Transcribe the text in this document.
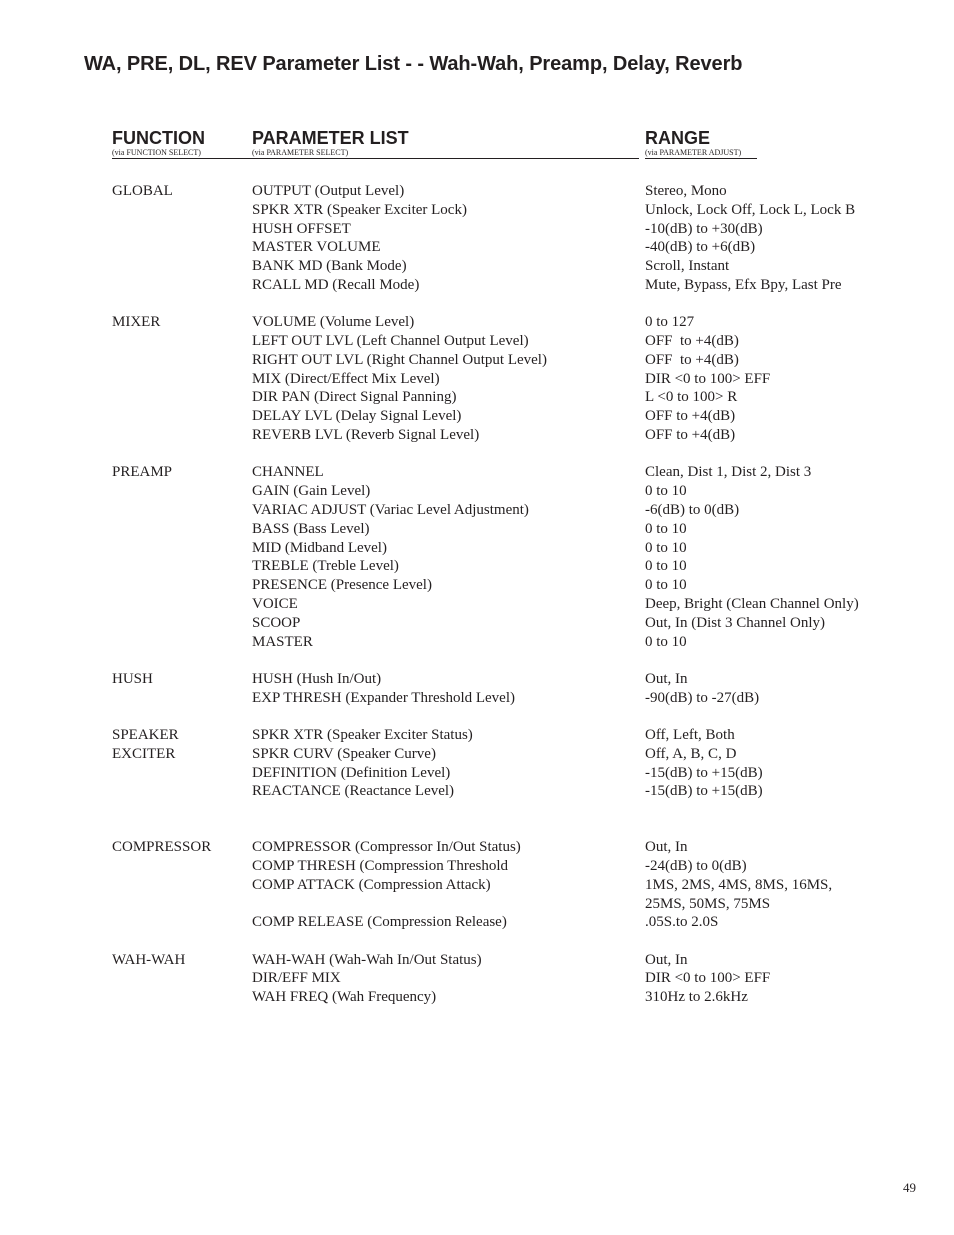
WA, PRE, DL, REV Parameter List - - Wah-Wah, Preamp, Delay, Reverb
FUNCTION
(via FUNCTION SELECT)
PARAMETER LIST
(via PARAMETER SELECT)
RANGE
(via PARAMETER ADJUST)
GLOBAL	OUTPUT (Output Level)	Stereo, Mono
SPKR XTR (Speaker Exciter Lock)	Unlock, Lock Off, Lock L, Lock B
HUSH OFFSET	-10(dB) to +30(dB)
MASTER VOLUME	-40(dB) to +6(dB)
BANK MD (Bank Mode)	Scroll, Instant
RCALL MD (Recall Mode)	Mute, Bypass, Efx Bpy, Last Pre
MIXER	VOLUME (Volume Level)	0 to 127
LEFT OUT LVL (Left Channel Output Level)	OFF  to +4(dB)
RIGHT OUT LVL (Right Channel Output Level)	OFF  to +4(dB)
MIX (Direct/Effect Mix Level)	DIR <0 to 100> EFF
DIR PAN (Direct Signal Panning)	L <0 to 100> R
DELAY LVL (Delay Signal Level)	OFF to +4(dB)
REVERB LVL (Reverb Signal Level)	OFF to +4(dB)
PREAMP	CHANNEL	Clean, Dist 1, Dist 2, Dist 3
GAIN (Gain Level)	0 to 10
VARIAC ADJUST (Variac Level Adjustment)	-6(dB) to 0(dB)
BASS (Bass Level)	0 to 10
MID (Midband Level)	0 to 10
TREBLE (Treble Level)	0 to 10
PRESENCE (Presence Level)	0 to 10
VOICE	Deep, Bright (Clean Channel Only)
SCOOP	Out, In (Dist 3 Channel Only)
MASTER	0 to 10
HUSH	HUSH (Hush In/Out)	Out, In
EXP THRESH (Expander Threshold Level)	-90(dB) to -27(dB)
SPEAKER
EXCITER
SPKR XTR (Speaker Exciter Status)	Off, Left, Both
SPKR CURV (Speaker Curve)	Off, A, B, C, D
DEFINITION (Definition Level)	-15(dB) to +15(dB)
REACTANCE (Reactance Level)	-15(dB) to +15(dB)
COMPRESSOR	COMPRESSOR (Compressor In/Out Status)	Out, In
COMP THRESH (Compression Threshold	-24(dB) to 0(dB)
COMP ATTACK (Compression Attack)	1MS, 2MS, 4MS, 8MS, 16MS,
25MS, 50MS, 75MS
COMP RELEASE (Compression Release)	.05S.to 2.0S
WAH-WAH	WAH-WAH (Wah-Wah In/Out Status)	Out, In
DIR/EFF MIX	DIR <0 to 100> EFF
WAH FREQ (Wah Frequency)	310Hz to 2.6kHz
49
